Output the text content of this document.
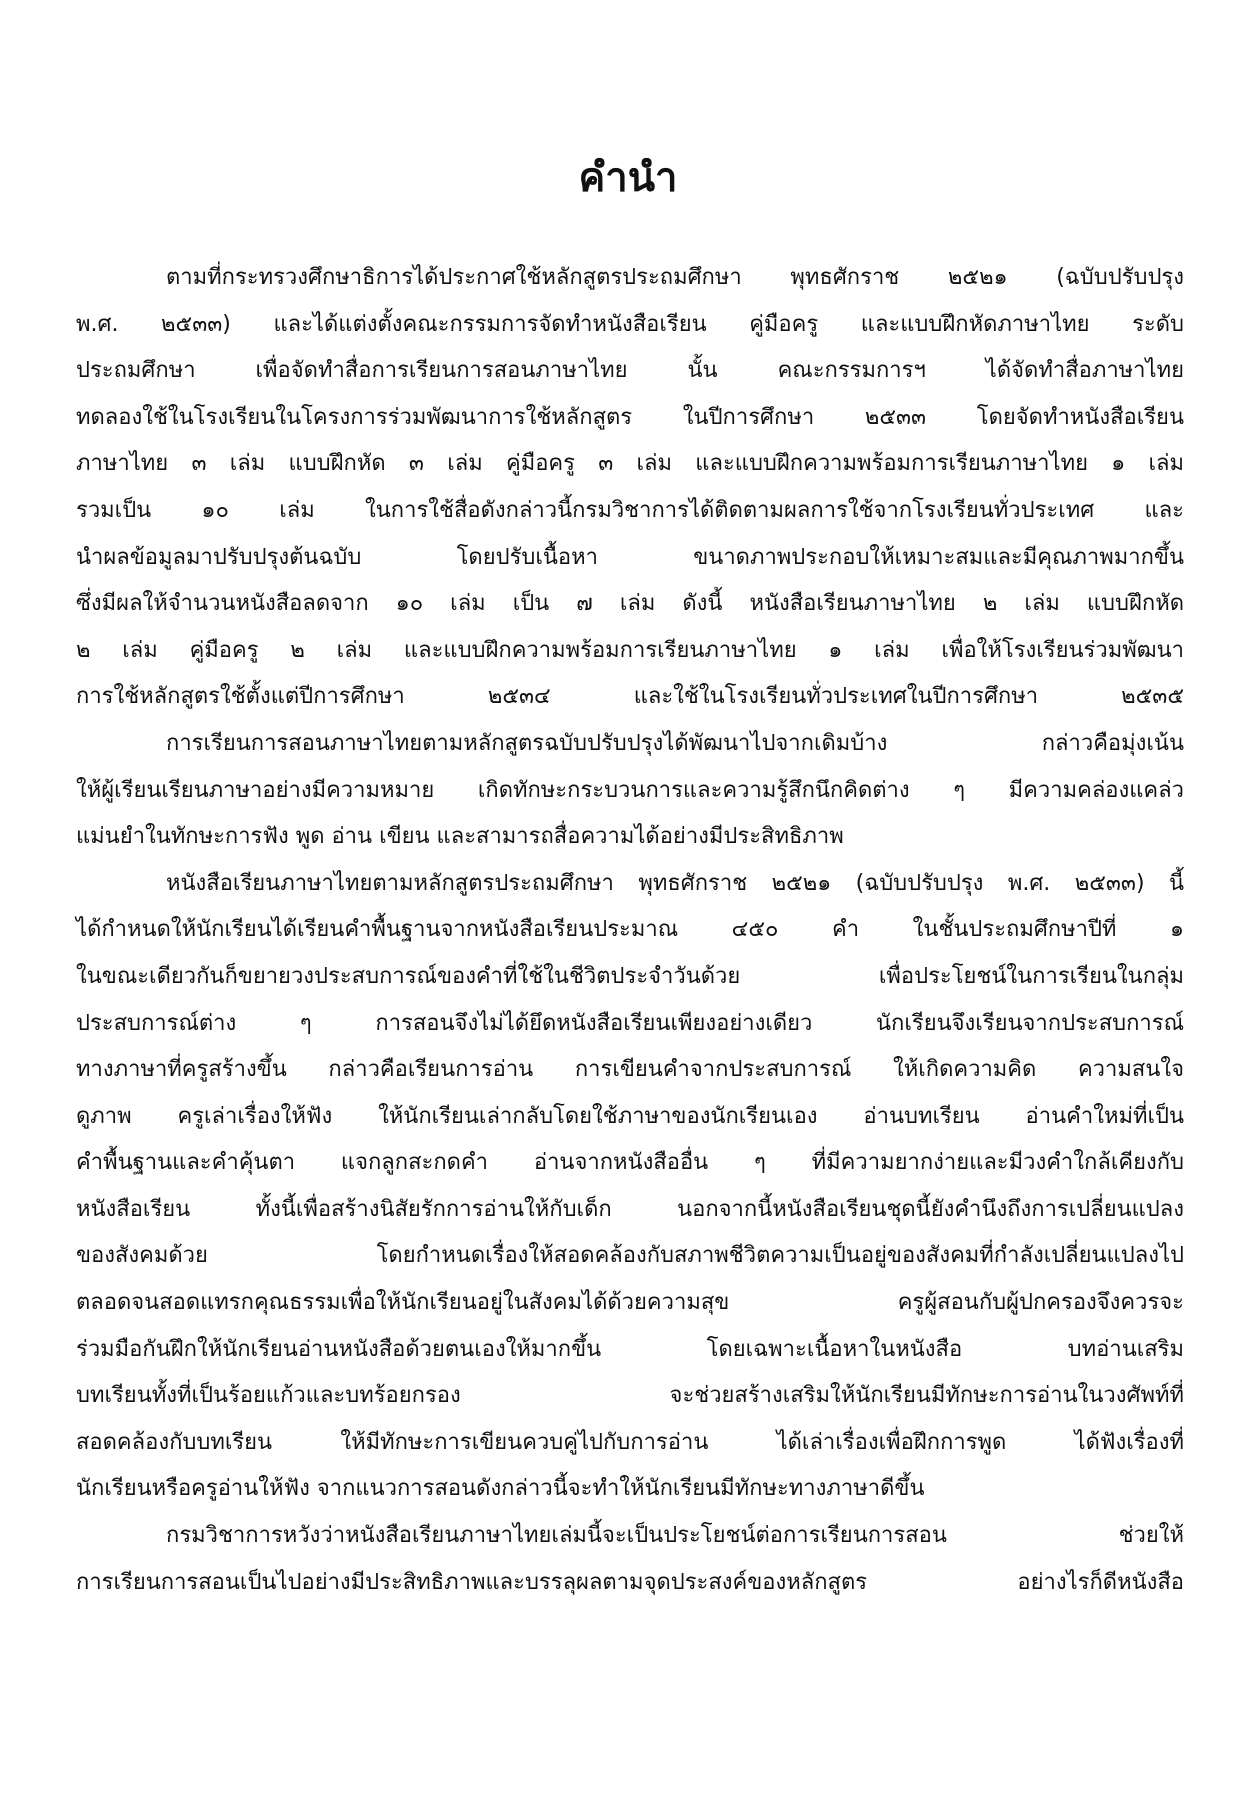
คำนำ
ตามที่กระทรวงศึกษาธิการได้ประกาศใช้หลักสูตรประถมศึกษา พุทธศักราช ๒๕๒๑ (ฉบับปรับปรุง
พ.ศ. ๒๕๓๓) และได้แต่งตั้งคณะกรรมการจัดทำหนังสือเรียน คู่มือครู และแบบฝึกหัดภาษาไทย ระดับ
ประถมศึกษา เพื่อจัดทำสื่อการเรียนการสอนภาษาไทย นั้น คณะกรรมการฯ ได้จัดทำสื่อภาษาไทย
ทดลองใช้ในโรงเรียนในโครงการร่วมพัฒนาการใช้หลักสูตร ในปีการศึกษา ๒๕๓๓ โดยจัดทำหนังสือเรียน
ภาษาไทย ๓ เล่ม แบบฝึกหัด ๓ เล่ม คู่มือครู ๓ เล่ม และแบบฝึกความพร้อมการเรียนภาษาไทย ๑ เล่ม
รวมเป็น ๑๐ เล่ม ในการใช้สื่อดังกล่าวนี้กรมวิชาการได้ติดตามผลการใช้จากโรงเรียนทั่วประเทศ และ
นำผลข้อมูลมาปรับปรุงต้นฉบับ โดยปรับเนื้อหา ขนาดภาพประกอบให้เหมาะสมและมีคุณภาพมากขึ้น
ซึ่งมีผลให้จำนวนหนังสือลดจาก ๑๐ เล่ม เป็น ๗ เล่ม ดังนี้ หนังสือเรียนภาษาไทย ๒ เล่ม แบบฝึกหัด
๒ เล่ม คู่มือครู ๒ เล่ม และแบบฝึกความพร้อมการเรียนภาษาไทย ๑ เล่ม เพื่อให้โรงเรียนร่วมพัฒนา
การใช้หลักสูตรใช้ตั้งแต่ปีการศึกษา ๒๕๓๔ และใช้ในโรงเรียนทั่วประเทศในปีการศึกษา ๒๕๓๕
การเรียนการสอนภาษาไทยตามหลักสูตรฉบับปรับปรุงได้พัฒนาไปจากเดิมบ้าง กล่าวคือมุ่งเน้น
ให้ผู้เรียนเรียนภาษาอย่างมีความหมาย เกิดทักษะกระบวนการและความรู้สึกนึกคิดต่าง ๆ มีความคล่องแคล่ว
แม่นยำในทักษะการฟัง พูด อ่าน เขียน และสามารถสื่อความได้อย่างมีประสิทธิภาพ
หนังสือเรียนภาษาไทยตามหลักสูตรประถมศึกษา พุทธศักราช ๒๕๒๑ (ฉบับปรับปรุง พ.ศ. ๒๕๓๓) นี้
ได้กำหนดให้นักเรียนได้เรียนคำพื้นฐานจากหนังสือเรียนประมาณ ๔๕๐ คำ ในชั้นประถมศึกษาปีที่ ๑
ในขณะเดียวกันก็ขยายวงประสบการณ์ของคำที่ใช้ในชีวิตประจำวันด้วย เพื่อประโยชน์ในการเรียนในกลุ่ม
ประสบการณ์ต่าง ๆ การสอนจึงไม่ได้ยึดหนังสือเรียนเพียงอย่างเดียว นักเรียนจึงเรียนจากประสบการณ์
ทางภาษาที่ครูสร้างขึ้น กล่าวคือเรียนการอ่าน การเขียนคำจากประสบการณ์ ให้เกิดความคิด ความสนใจ
ดูภาพ ครูเล่าเรื่องให้ฟัง ให้นักเรียนเล่ากลับโดยใช้ภาษาของนักเรียนเอง อ่านบทเรียน อ่านคำใหม่ที่เป็น
คำพื้นฐานและคำคุ้นตา แจกลูกสะกดคำ อ่านจากหนังสืออื่น ๆ ที่มีความยากง่ายและมีวงคำใกล้เคียงกับ
หนังสือเรียน ทั้งนี้เพื่อสร้างนิสัยรักการอ่านให้กับเด็ก นอกจากนี้หนังสือเรียนชุดนี้ยังคำนึงถึงการเปลี่ยนแปลง
ของสังคมด้วย โดยกำหนดเรื่องให้สอดคล้องกับสภาพชีวิตความเป็นอยู่ของสังคมที่กำลังเปลี่ยนแปลงไป
ตลอดจนสอดแทรกคุณธรรมเพื่อให้นักเรียนอยู่ในสังคมได้ด้วยความสุข ครูผู้สอนกับผู้ปกครองจึงควรจะ
ร่วมมือกันฝึกให้นักเรียนอ่านหนังสือด้วยตนเองให้มากขึ้น โดยเฉพาะเนื้อหาในหนังสือ บทอ่านเสริม
บทเรียนทั้งที่เป็นร้อยแก้วและบทร้อยกรอง จะช่วยสร้างเสริมให้นักเรียนมีทักษะการอ่านในวงศัพท์ที่
สอดคล้องกับบทเรียน ให้มีทักษะการเขียนควบคู่ไปกับการอ่าน ได้เล่าเรื่องเพื่อฝึกการพูด ได้ฟังเรื่องที่
นักเรียนหรือครูอ่านให้ฟัง จากแนวการสอนดังกล่าวนี้จะทำให้นักเรียนมีทักษะทางภาษาดีขึ้น
กรมวิชาการหวังว่าหนังสือเรียนภาษาไทยเล่มนี้จะเป็นประโยชน์ต่อการเรียนการสอน ช่วยให้
การเรียนการสอนเป็นไปอย่างมีประสิทธิภาพและบรรลุผลตามจุดประสงค์ของหลักสูตร อย่างไรก็ดีหนังสือ
